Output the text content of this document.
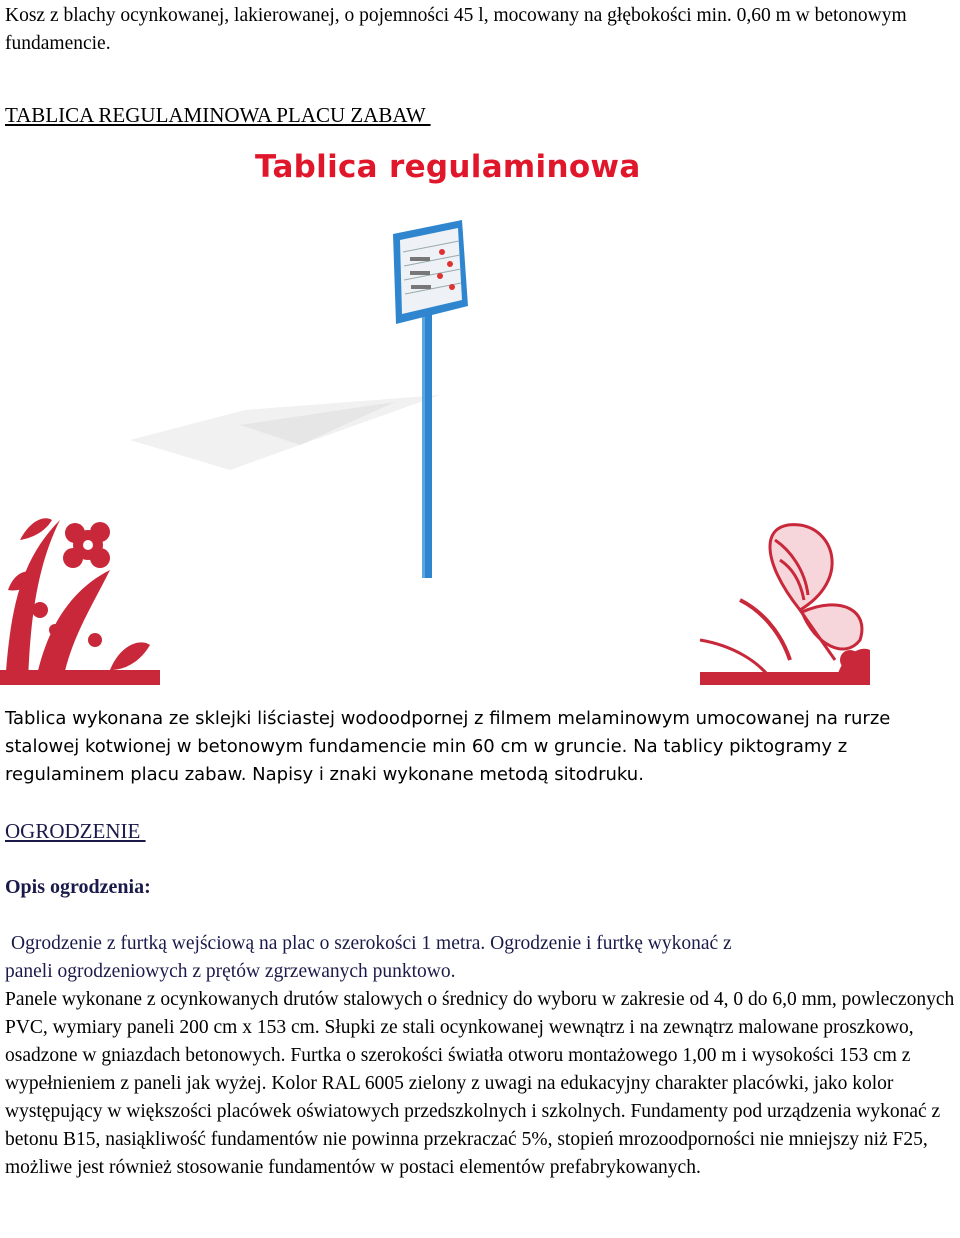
Kosz z blachy ocynkowanej, lakierowanej, o pojemności 45 l, mocowany na głębokości min. 0,60 m w betonowym fundamencie.

TABLICA REGULAMINOWA PLACU ZABAW
Tablica regulaminowa

Tablica wykonana ze sklejki liściastej wodoodpornej z filmem melaminowym umocowanej na rurze stalowej kotwionej w betonowym fundamencie min 60 cm w gruncie. Na tablicy piktogramy z regulaminem placu zabaw. Napisy i znaki wykonane metodą sitodruku.

OGRODZENIE
Opis ogrodzenia:
Ogrodzenie z furtką wejściową na plac o szerokości 1 metra. Ogrodzenie i furtkę wykonać z
paneli ogrodzeniowych z prętów zgrzewanych punktowo.

Panele wykonane z ocynkowanych drutów stalowych o średnicy do wyboru w zakresie od 4, 0 do 6,0 mm, powleczonych PVC, wymiary paneli 200 cm x 153 cm. Słupki ze stali ocynkowanej wewnątrz i na zewnątrz malowane proszkowo, osadzone w gniazdach betonowych. Furtka o szerokości światła otworu montażowego 1,00 m i wysokości 153 cm z wypełnieniem z paneli jak wyżej. Kolor RAL 6005 zielony z uwagi na edukacyjny charakter placówki, jako kolor występujący w większości placówek oświatowych przedszkolnych i szkolnych. Fundamenty pod urządzenia wykonać z betonu B15, nasiąkliwość fundamentów nie powinna przekraczać 5%, stopień mrozoodporności nie mniejszy niż F25, możliwe jest również stosowanie fundamentów w postaci elementów prefabrykowanych.
